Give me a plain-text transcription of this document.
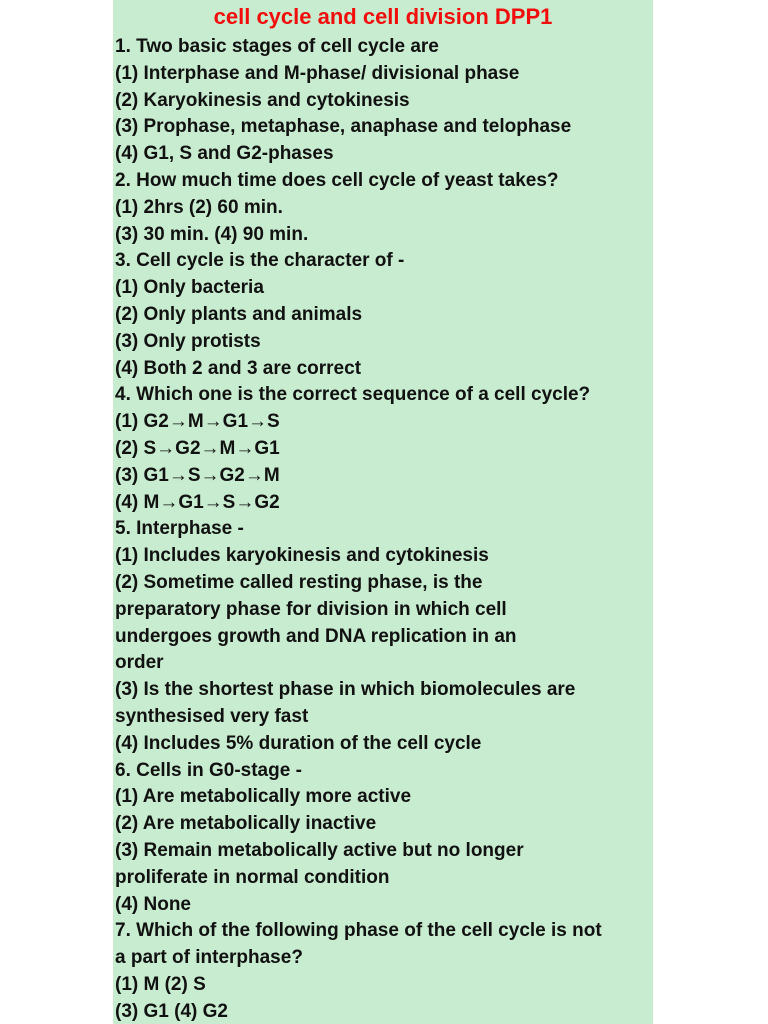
cell cycle and cell division DPP1
1. Two basic stages of cell cycle are
(1) Interphase and M-phase/ divisional phase
(2) Karyokinesis and cytokinesis
(3) Prophase, metaphase, anaphase and telophase
(4) G1, S and G2-phases
2. How much time does cell cycle of yeast takes?
(1) 2hrs (2) 60 min.
(3) 30 min. (4) 90 min.
3. Cell cycle is the character of -
(1) Only bacteria
(2) Only plants and animals
(3) Only protists
(4) Both 2 and 3 are correct
4. Which one is the correct sequence of a cell cycle?
(1) G2→M→G1→S
(2) S→G2→M→G1
(3) G1→S→G2→M
(4) M→G1→S→G2
5. Interphase -
(1) Includes karyokinesis and cytokinesis
(2) Sometime called resting phase, is the
preparatory phase for division in which cell
undergoes growth and DNA replication in an
order
(3) Is the shortest phase in which biomolecules are
synthesised very fast
(4) Includes 5% duration of the cell cycle
6. Cells in G0-stage -
(1) Are metabolically more active
(2) Are metabolically inactive
(3) Remain metabolically active but no longer
proliferate in normal condition
(4) None
7. Which of the following phase of the cell cycle is not
a part of interphase?
(1) M (2) S
(3) G1 (4) G2
